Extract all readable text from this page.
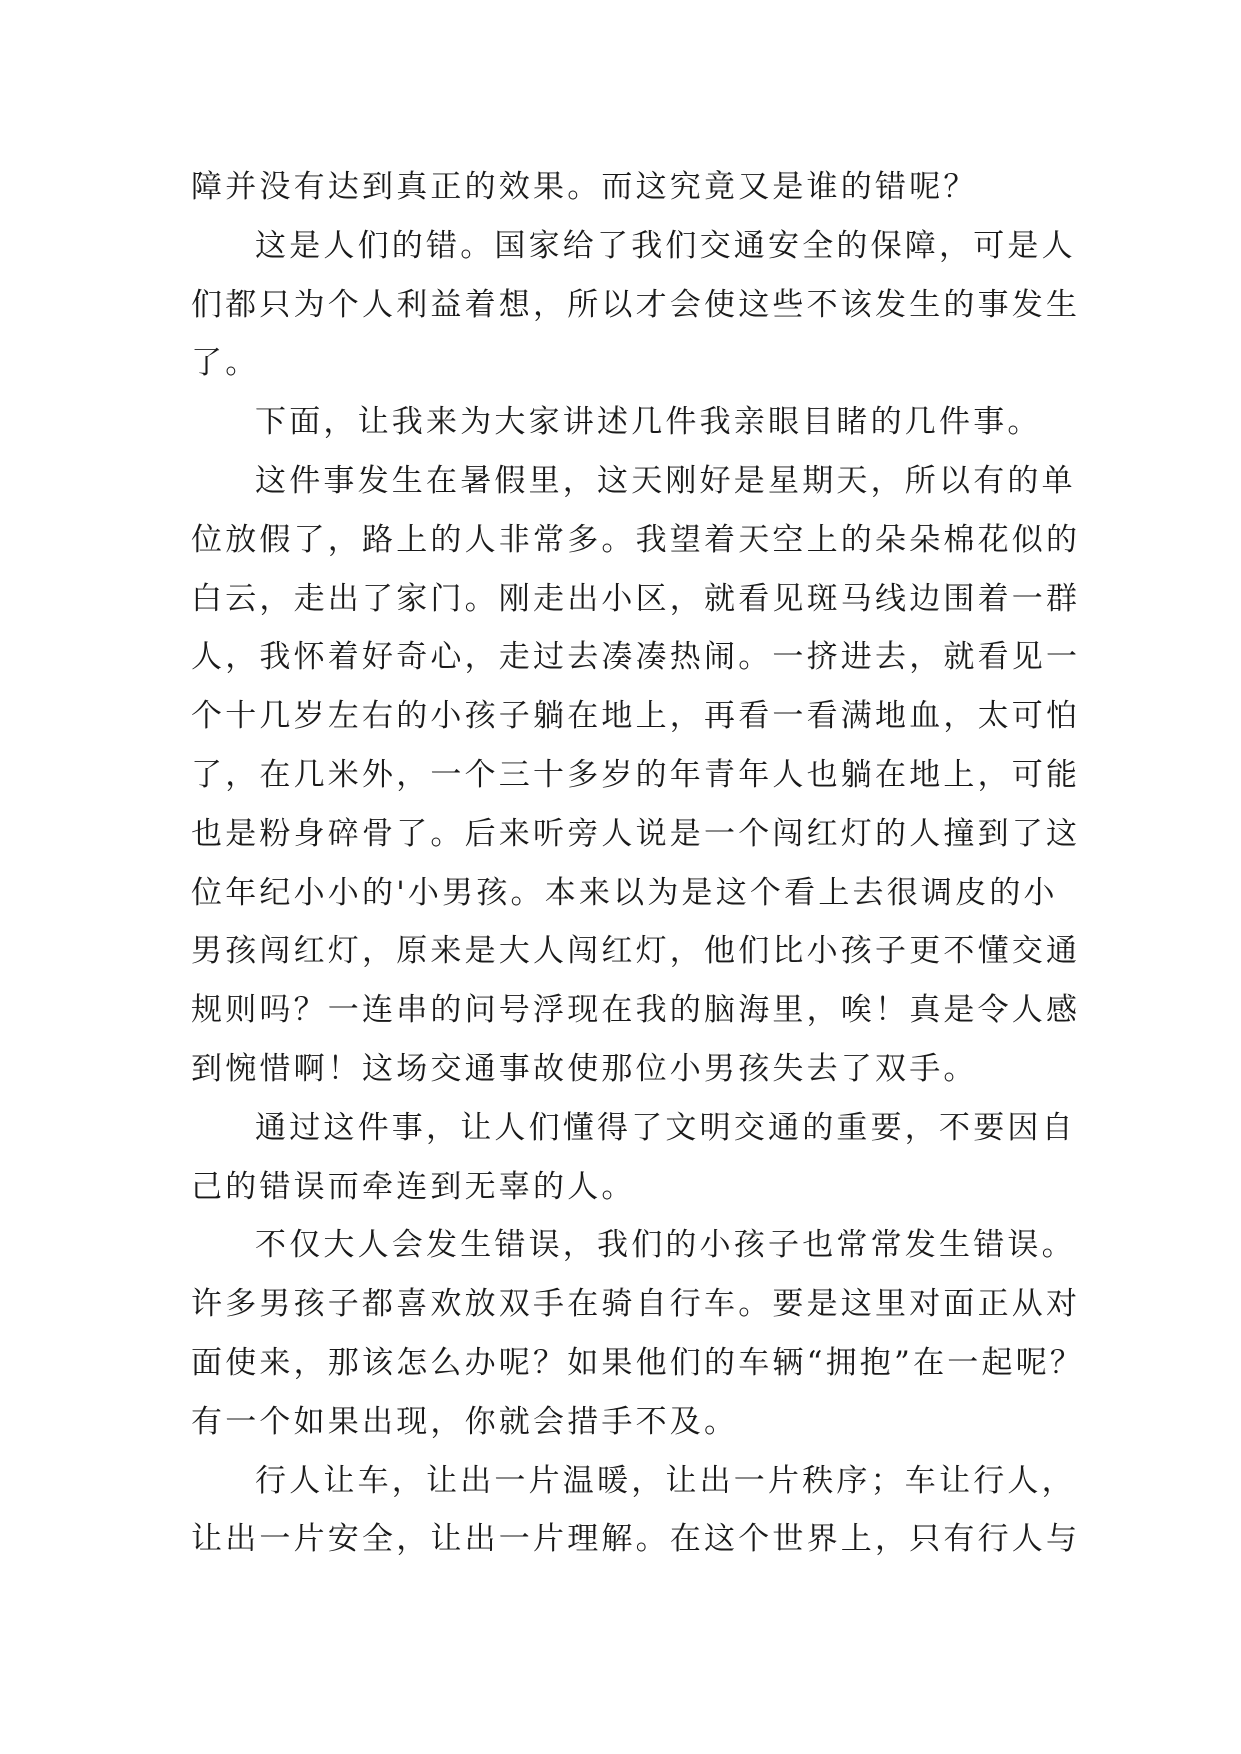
障并没有达到真正的效果。而这究竟又是谁的错呢？
这是人们的错。国家给了我们交通安全的保障，可是人
们都只为个人利益着想，所以才会使这些不该发生的事发生
了。
下面，让我来为大家讲述几件我亲眼目睹的几件事。
这件事发生在暑假里，这天刚好是星期天，所以有的单
位放假了，路上的人非常多。我望着天空上的朵朵棉花似的
白云，走出了家门。刚走出小区，就看见斑马线边围着一群
人，我怀着好奇心，走过去凑凑热闹。一挤进去，就看见一
个十几岁左右的小孩子躺在地上，再看一看满地血，太可怕
了，在几米外，一个三十多岁的年青年人也躺在地上，可能
也是粉身碎骨了。后来听旁人说是一个闯红灯的人撞到了这
位年纪小小的'小男孩。本来以为是这个看上去很调皮的小
男孩闯红灯，原来是大人闯红灯，他们比小孩子更不懂交通
规则吗？一连串的问号浮现在我的脑海里，唉！真是令人感
到惋惜啊！这场交通事故使那位小男孩失去了双手。
通过这件事，让人们懂得了文明交通的重要，不要因自
己的错误而牵连到无辜的人。
不仅大人会发生错误，我们的小孩子也常常发生错误。
许多男孩子都喜欢放双手在骑自行车。要是这里对面正从对
面使来，那该怎么办呢？如果他们的车辆“拥抱”在一起呢？
有一个如果出现，你就会措手不及。
行人让车，让出一片温暖，让出一片秩序；车让行人，
让出一片安全，让出一片理解。在这个世界上，只有行人与
